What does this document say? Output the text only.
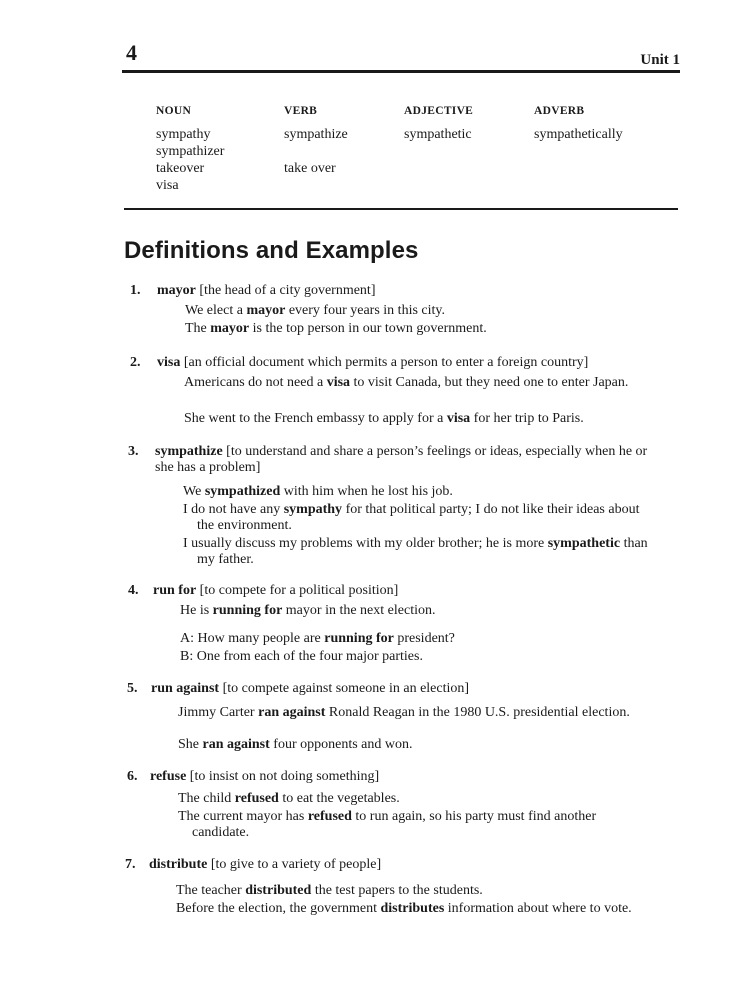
4	Unit 1
NOUN
sympathy
sympathizer
takeover
visa
VERB
sympathize
take over
ADJECTIVE
sympathetic
ADVERB
sympathetically
Definitions and Examples
1. mayor [the head of a city government]
We elect a mayor every four years in this city.
The mayor is the top person in our town government.
2. visa [an official document which permits a person to enter a foreign country]
Americans do not need a visa to visit Canada, but they need one to enter Japan.
She went to the French embassy to apply for a visa for her trip to Paris.
3. sympathize [to understand and share a person’s feelings or ideas, especially when he or she has a problem]
We sympathized with him when he lost his job.
I do not have any sympathy for that political party; I do not like their ideas about the environment.
I usually discuss my problems with my older brother; he is more sympathetic than my father.
4. run for [to compete for a political position]
He is running for mayor in the next election.
A: How many people are running for president?
B: One from each of the four major parties.
5. run against [to compete against someone in an election]
Jimmy Carter ran against Ronald Reagan in the 1980 U.S. presidential election.
She ran against four opponents and won.
6. refuse [to insist on not doing something]
The child refused to eat the vegetables.
The current mayor has refused to run again, so his party must find another candidate.
7. distribute [to give to a variety of people]
The teacher distributed the test papers to the students.
Before the election, the government distributes information about where to vote.
